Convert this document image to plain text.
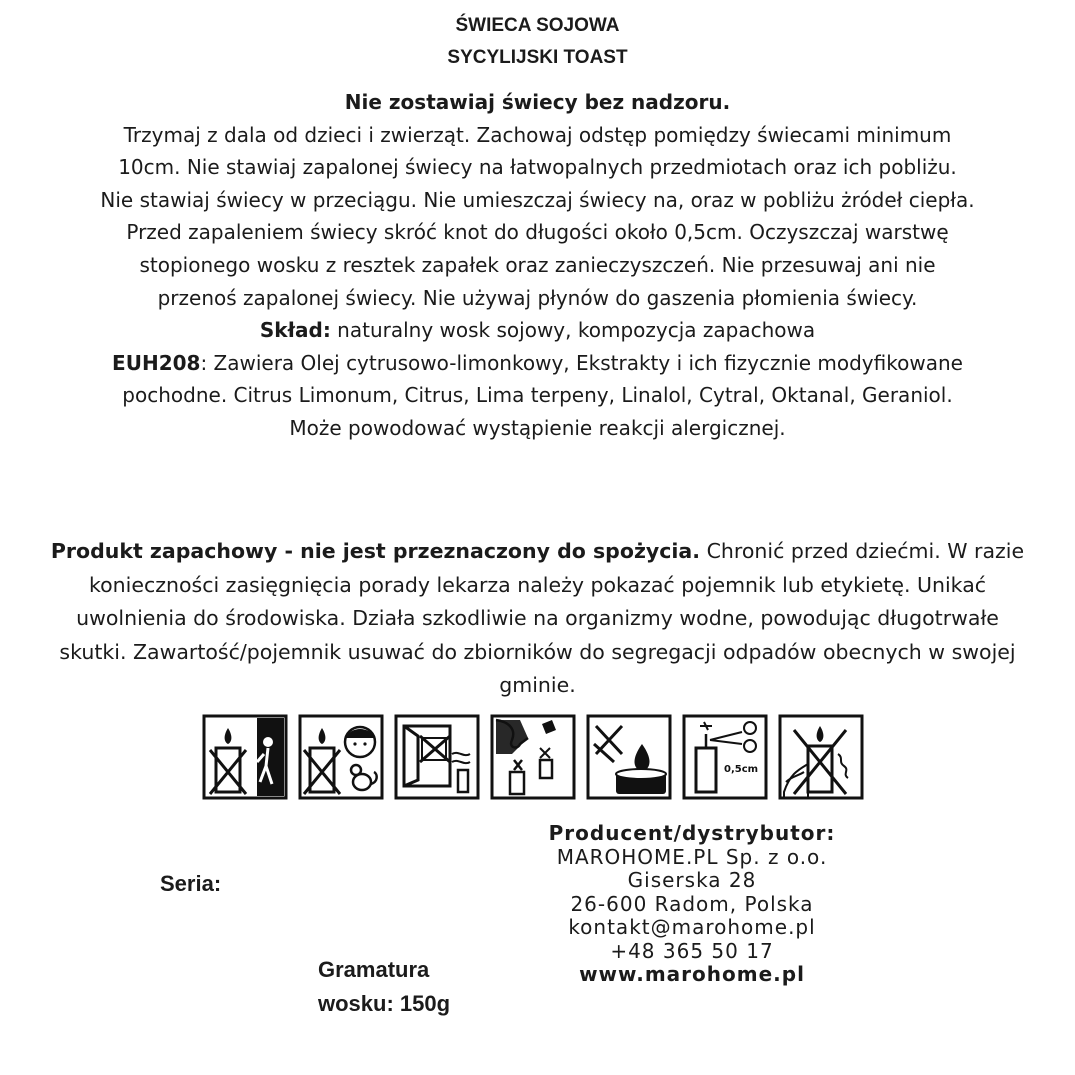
ŚWIECA SOJOWA
SYCYLIJSKI TOAST

Nie zostawiaj świecy bez nadzoru.

Trzymaj z dala od dzieci i zwierząt. Zachowaj odstęp pomiędzy świecami minimum 10cm. Nie stawiaj zapalonej świecy na łatwopalnych przedmiotach oraz ich pobliżu. Nie stawiaj świecy w przeciągu. Nie umieszczaj świecy na, oraz w pobliżu żródeł ciepła. Przed zapaleniem świecy skróć knot do długości około 0,5cm. Oczyszczaj warstwę stopionego wosku z resztek zapałek oraz zanieczyszczeń. Nie przesuwaj ani nie przenoś zapalonej świecy. Nie używaj płynów do gaszenia płomienia świecy.

Skład: naturalny wosk sojowy, kompozycja zapachowa

EUH208: Zawiera Olej cytrusowo-limonkowy, Ekstrakty i ich fizycznie modyfikowane pochodne. Citrus Limonum, Citrus, Lima terpeny, Linalol, Cytral, Oktanal, Geraniol.

Może powodować wystąpienie reakcji alergicznej.

Produkt zapachowy - nie jest przeznaczony do spożycia. Chronić przed dziećmi. W razie konieczności zasięgnięcia porady lekarza należy pokazać pojemnik lub etykietę. Unikać uwolnienia do środowiska. Działa szkodliwie na organizmy wodne, powodując długotrwałe skutki. Zawartość/pojemnik usuwać do zbiorników do segregacji odpadów obecnych w swojej gminie.
0,5cm
Seria:
Gramatura
wosku: 150g
Producent/dystrybutor:
MAROHOME.PL Sp. z o.o.
Giserska 28
26-600 Radom, Polska
kontakt@marohome.pl
+48 365 50 17
www.marohome.pl
